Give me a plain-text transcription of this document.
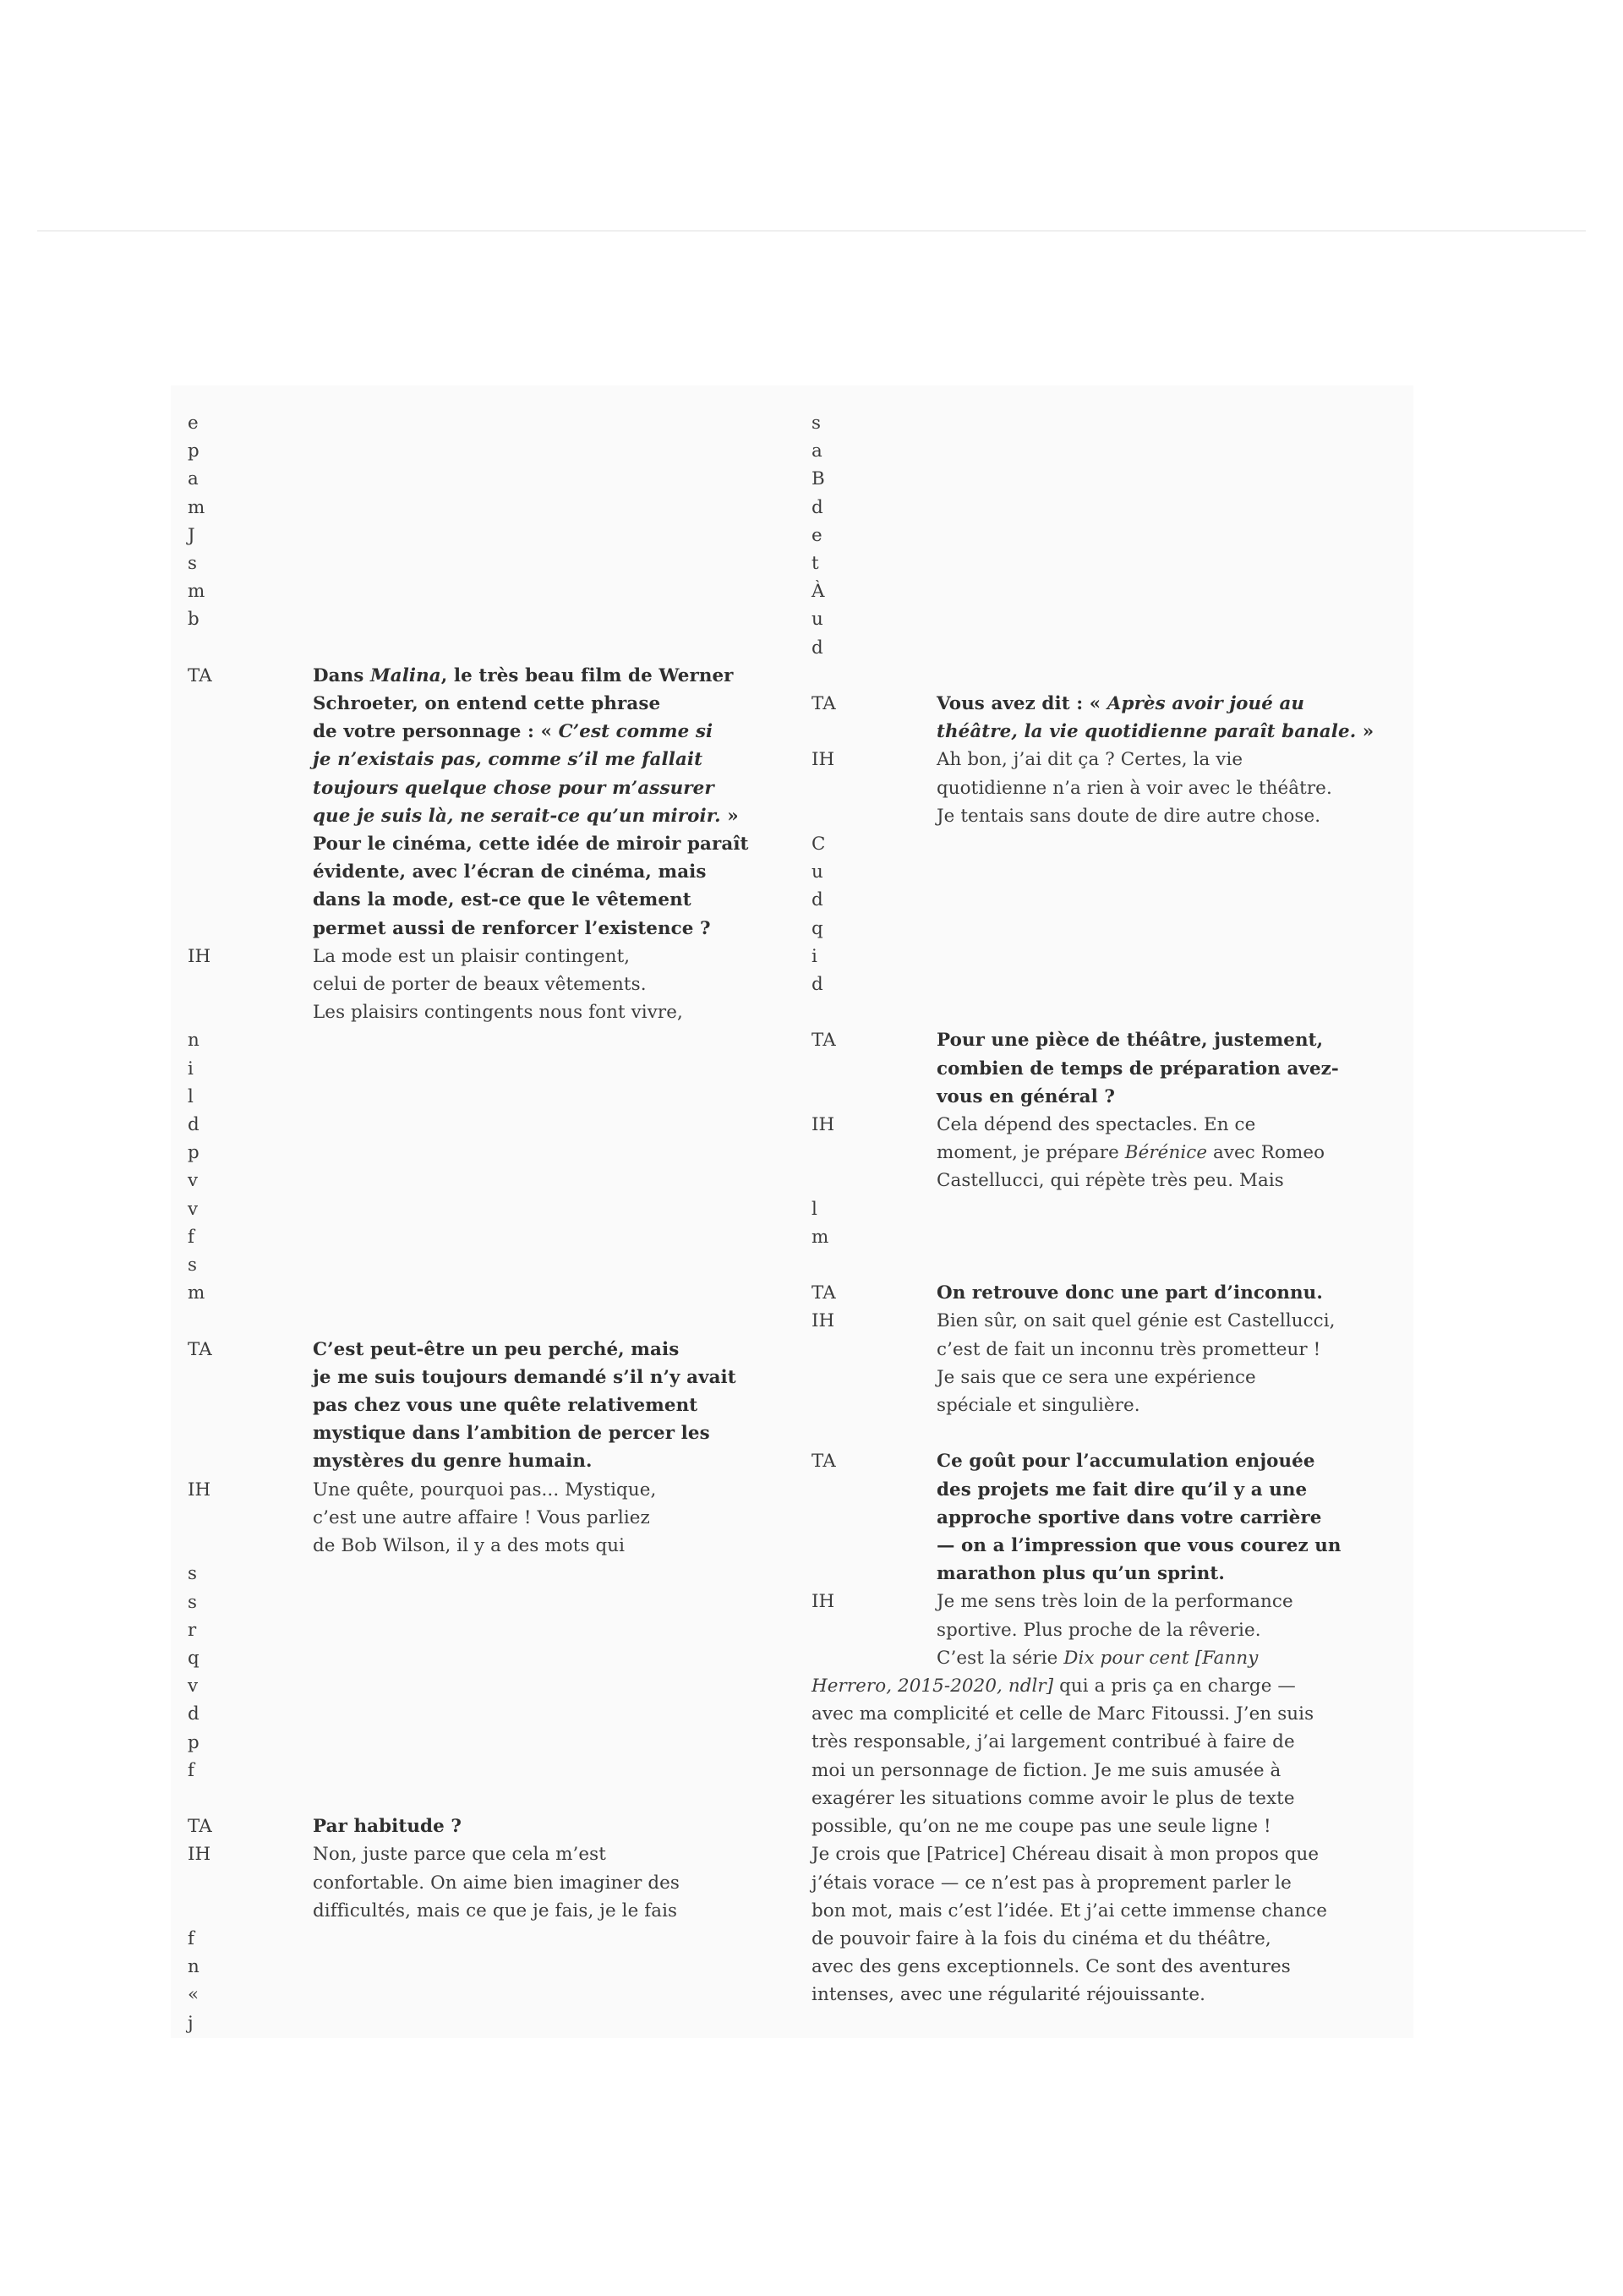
e
p
a
m
J
s
m
b
TA	Dans Malina, le très beau film de Werner
Schroeter, on entend cette phrase
de votre personnage : « C’est comme si
je n’existais pas, comme s’il me fallait
toujours quelque chose pour m’assurer
que je suis là, ne serait-ce qu’un miroir. »
Pour le cinéma, cette idée de miroir paraît
évidente, avec l’écran de cinéma, mais
dans la mode, est-ce que le vêtement
permet aussi de renforcer l’existence ?
IH	La mode est un plaisir contingent,
celui de porter de beaux vêtements.
Les plaisirs contingents nous font vivre,
n
i
l
d
p
v
v
f
s
m
TA	C’est peut-être un peu perché, mais
je me suis toujours demandé s’il n’y avait
pas chez vous une quête relativement
mystique dans l’ambition de percer les
mystères du genre humain.
IH	Une quête, pourquoi pas... Mystique,
c’est une autre affaire ! Vous parliez
de Bob Wilson, il y a des mots qui
s
s
r
q
v
d
p
f
TA	Par habitude ?
IH	Non, juste parce que cela m’est
confortable. On aime bien imaginer des
difficultés, mais ce que je fais, je le fais
f
n
«
j
s
a
B
d
e
t
À
u
d
TA	Vous avez dit : « Après avoir joué au
théâtre, la vie quotidienne paraît banale. »
IH	Ah bon, j’ai dit ça ? Certes, la vie
quotidienne n’a rien à voir avec le théâtre.
Je tentais sans doute de dire autre chose.
C
u
d
q
i
d
TA	Pour une pièce de théâtre, justement,
combien de temps de préparation avez-
vous en général ?
IH	Cela dépend des spectacles. En ce
moment, je prépare Bérénice avec Romeo
Castellucci, qui répète très peu. Mais
l
m
TA	On retrouve donc une part d’inconnu.
IH	Bien sûr, on sait quel génie est Castellucci,
c’est de fait un inconnu très prometteur !
Je sais que ce sera une expérience
spéciale et singulière.
TA	Ce goût pour l’accumulation enjouée
des projets me fait dire qu’il y a une
approche sportive dans votre carrière
— on a l’impression que vous courez un
marathon plus qu’un sprint.
IH	Je me sens très loin de la performance
sportive. Plus proche de la rêverie.
C’est la série Dix pour cent [Fanny
Herrero, 2015-2020, ndlr] qui a pris ça en charge —
avec ma complicité et celle de Marc Fitoussi. J’en suis
très responsable, j’ai largement contribué à faire de
moi un personnage de fiction. Je me suis amusée à
exagérer les situations comme avoir le plus de texte
possible, qu’on ne me coupe pas une seule ligne !
Je crois que [Patrice] Chéreau disait à mon propos que
j’étais vorace — ce n’est pas à proprement parler le
bon mot, mais c’est l’idée. Et j’ai cette immense chance
de pouvoir faire à la fois du cinéma et du théâtre,
avec des gens exceptionnels. Ce sont des aventures
intenses, avec une régularité réjouissante.
